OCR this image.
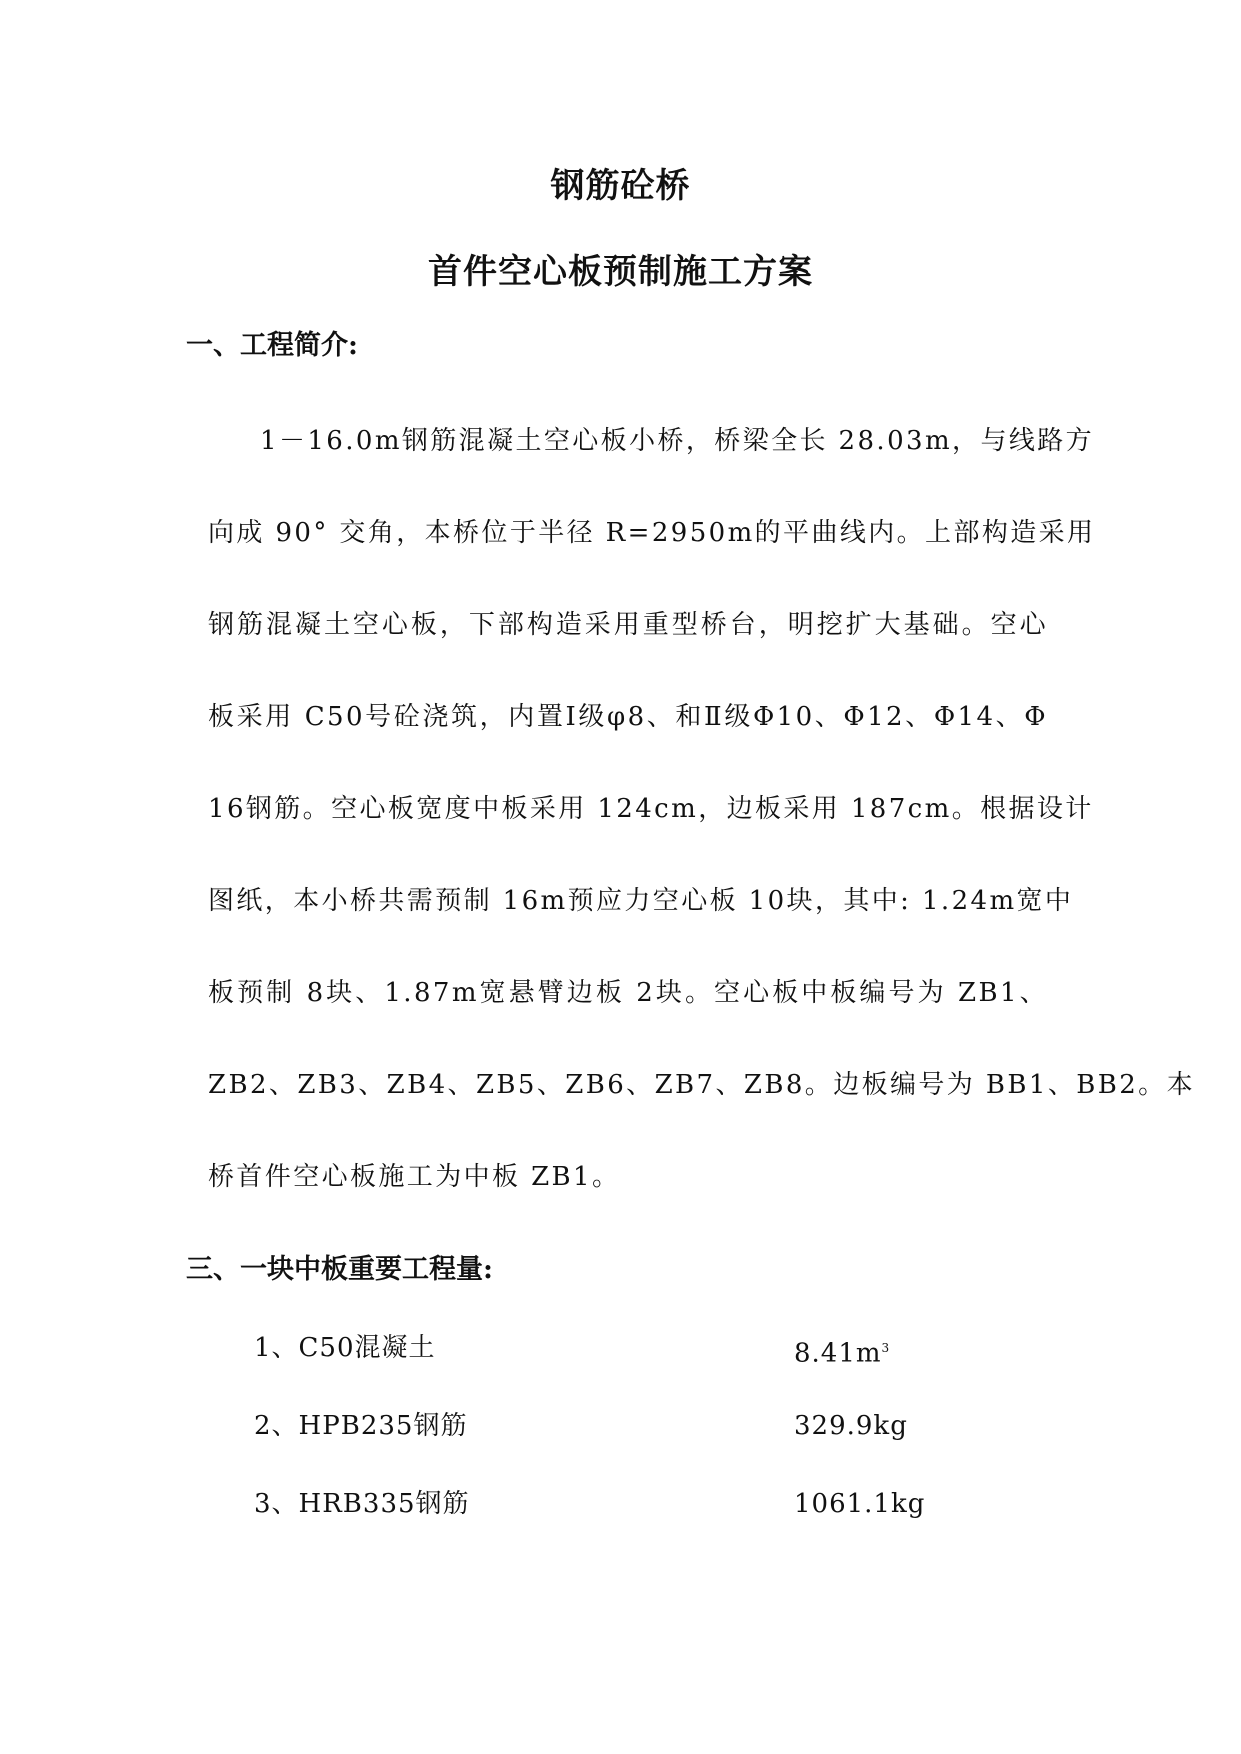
钢筋砼桥
首件空心板预制施工方案
一、工程简介:
1－16.0m钢筋混凝土空心板小桥，桥梁全长 28.03m，与线路方
向成 90° 交角，本桥位于半径 R=2950m的平曲线内。上部构造采用
钢筋混凝土空心板，下部构造采用重型桥台，明挖扩大基础。空心
板采用 C50号砼浇筑，内置Ⅰ级φ8、和Ⅱ级Φ10、Φ12、Φ14、Φ
16钢筋。空心板宽度中板采用 124cm，边板采用 187cm。根据设计
图纸，本小桥共需预制 16m预应力空心板 10块，其中: 1.24m宽中
板预制 8块、1.87m宽悬臂边板 2块。空心板中板编号为 ZB1、
ZB2、ZB3、ZB4、ZB5、ZB6、ZB7、ZB8。边板编号为 BB1、BB2。本
桥首件空心板施工为中板 ZB1。
三、一块中板重要工程量:
1、C50混凝土	$8.41m^3$
2、HPB235钢筋	329.9kg
3、HRB335钢筋	1061.1kg
